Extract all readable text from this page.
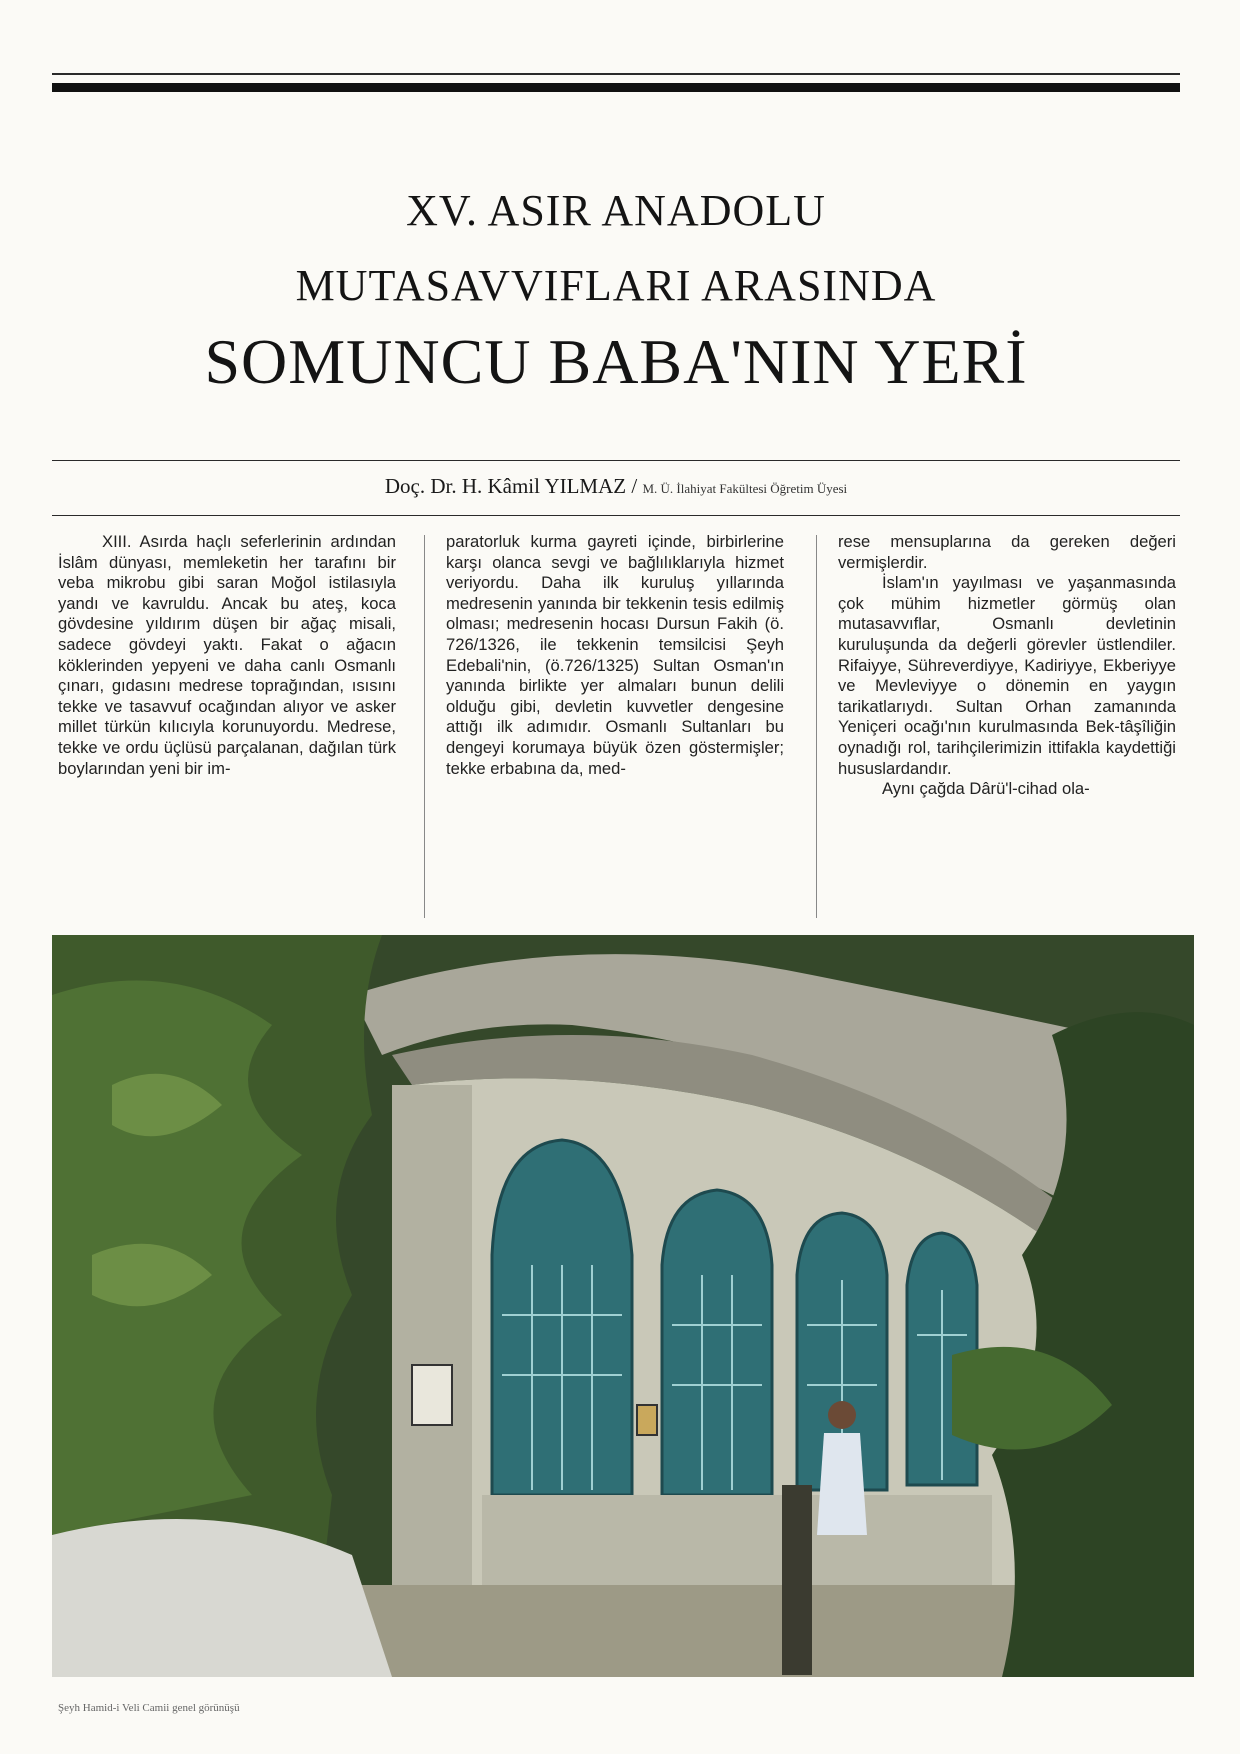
XV. ASIR ANADOLU
MUTASAVVIFLARI ARASINDA
SOMUNCU BABA'NIN YERİ
Doç. Dr. H. Kâmil YILMAZ / M. Ü. İlahiyat Fakültesi Öğretim Üyesi

XIII. Asırda haçlı seferlerinin ardından İslâm dünyası, memleketin her tarafını bir veba mikrobu gibi saran Moğol istilasıyla yandı ve kavruldu. Ancak bu ateş, koca gövdesine yıldırım düşen bir ağaç misali, sadece gövdeyi yaktı. Fakat o ağacın köklerinden yepyeni ve daha canlı Osmanlı çınarı, gıdasını medrese toprağından, ısısını tekke ve tasavvuf ocağından alıyor ve asker millet türkün kılıcıyla korunuyordu. Medrese, tekke ve ordu üçlüsü parçalanan, dağılan türk boylarından yeni bir im-

paratorluk kurma gayreti içinde, birbirlerine karşı olanca sevgi ve bağlılıklarıyla hizmet veriyordu. Daha ilk kuruluş yıllarında medresenin yanında bir tekkenin tesis edilmiş olması; medresenin hocası Dursun Fakih (ö. 726/1326, ile tekkenin temsilcisi Şeyh Edebali'nin, (ö.726/1325) Sultan Osman'ın yanında birlikte yer almaları bunun delili olduğu gibi, devletin kuvvetler dengesine attığı ilk adımıdır. Osmanlı Sultanları bu dengeyi korumaya büyük özen göstermişler; tekke erbabına da, med-

rese mensuplarına da gereken değeri vermişlerdir.

İslam'ın yayılması ve yaşanmasında çok mühim hizmetler görmüş olan mutasavvıflar, Osmanlı devletinin kuruluşunda da değerli görevler üstlendiler. Rifaiyye, Sühreverdiyye, Kadiriyye, Ekberiyye ve Mevleviyye o dönemin en yaygın tarikatlarıydı. Sultan Orhan zamanında Yeniçeri ocağı'nın kurulmasında Bek-tâşîliğin oynadığı rol, tarihçilerimizin ittifakla kaydettiği hususlardandır.

Aynı çağda Dârü'l-cihad ola-

Şeyh Hamid-i Veli Camii genel görünüşü
